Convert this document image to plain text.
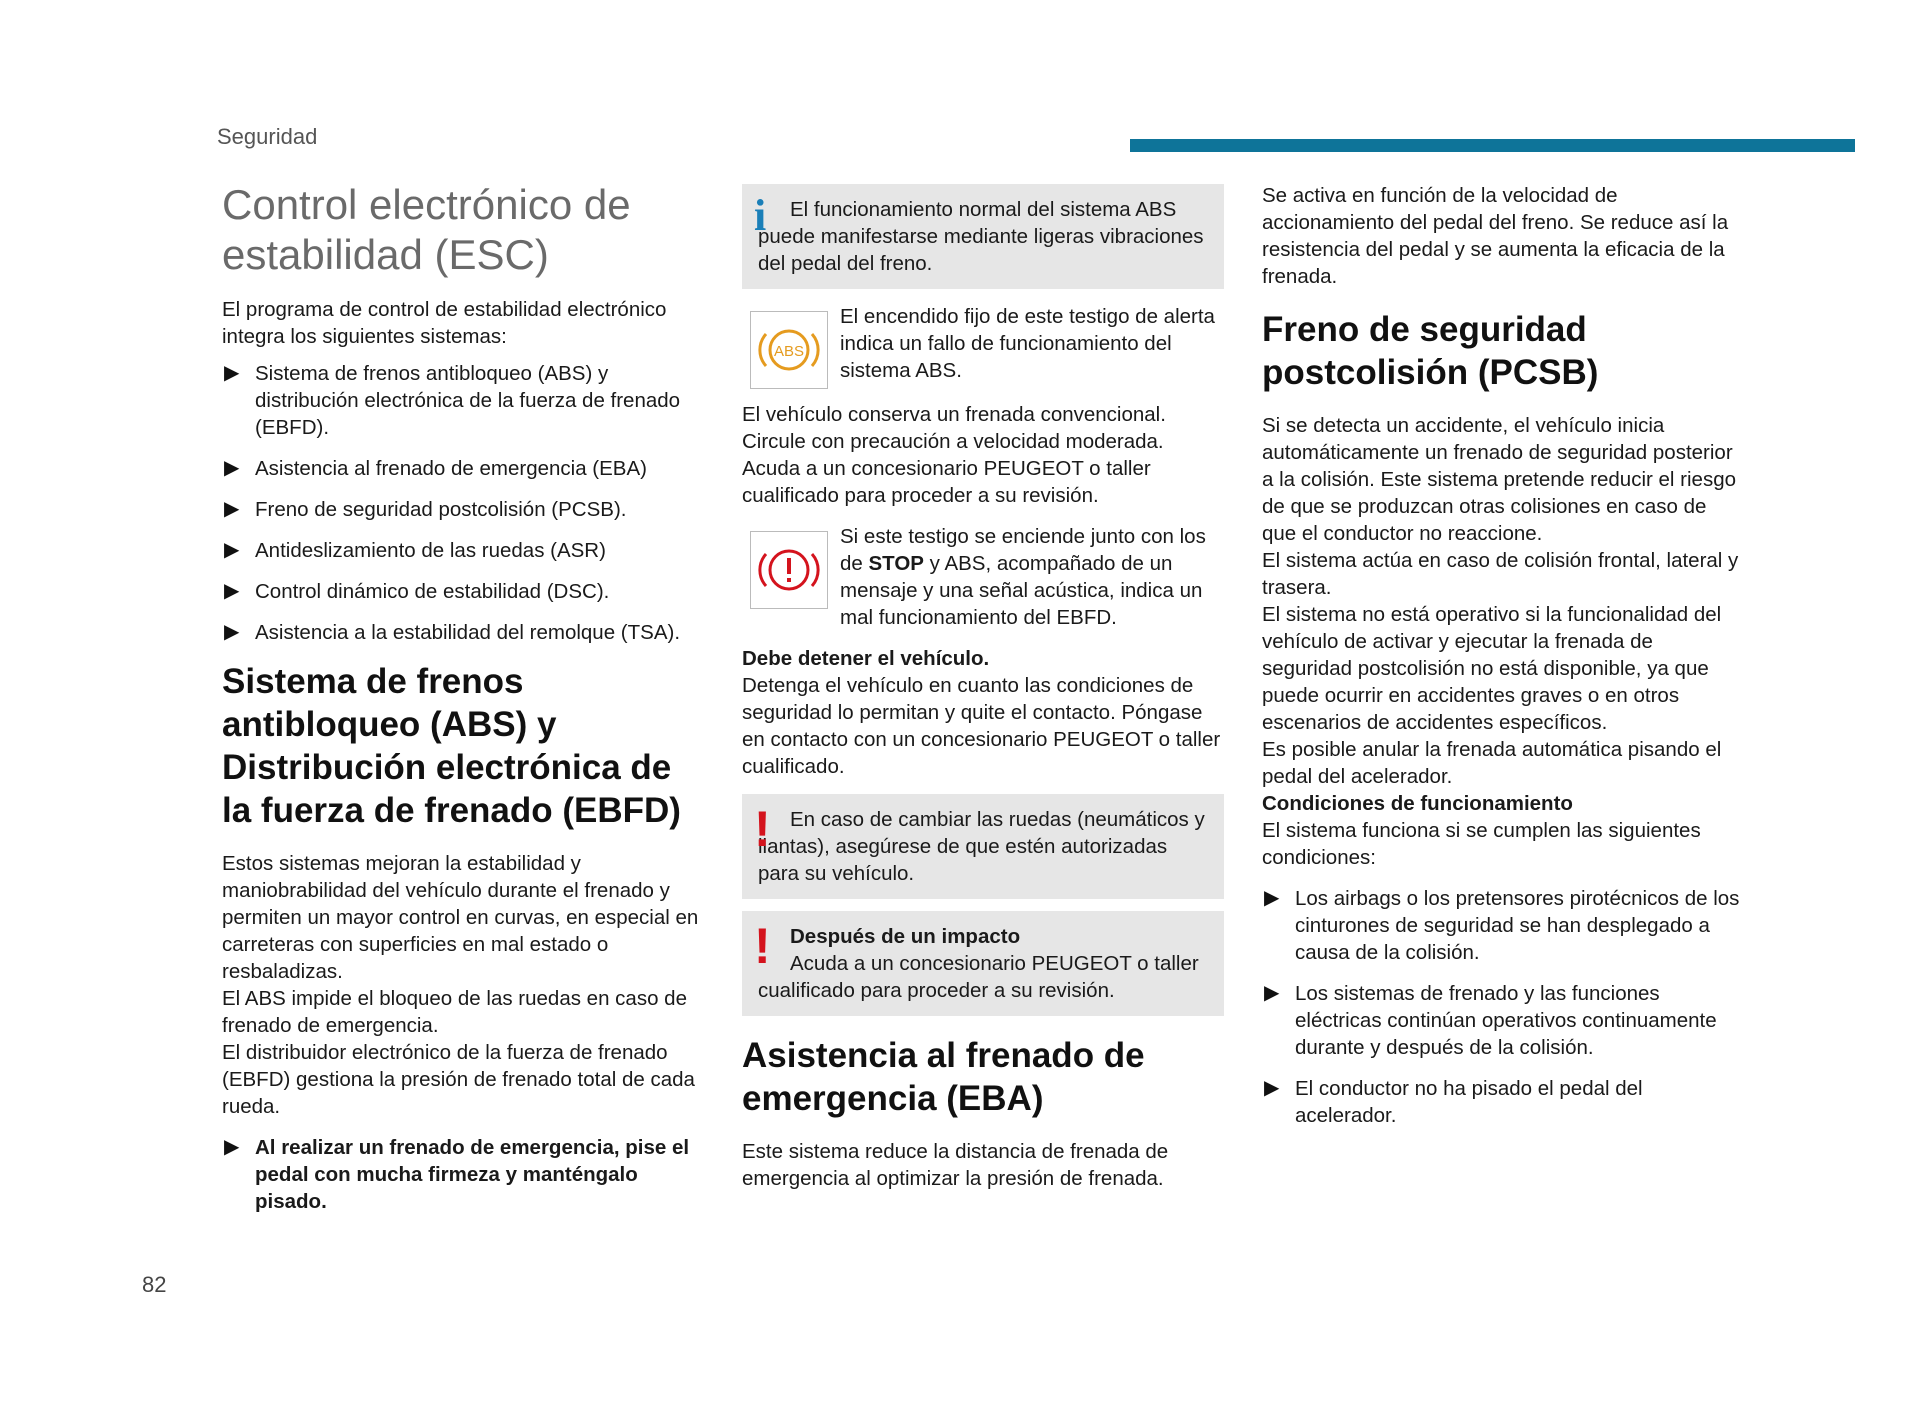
Seguridad
Control electrónico de estabilidad (ESC)

El programa de control de estabilidad electrónico integra los siguientes sistemas:

▶ Sistema de frenos antibloqueo (ABS) y distribución electrónica de la fuerza de frenado (EBFD).
▶ Asistencia al frenado de emergencia (EBA)
▶ Freno de seguridad postcolisión (PCSB).
▶ Antideslizamiento de las ruedas (ASR)
▶ Control dinámico de estabilidad (DSC).
▶ Asistencia a la estabilidad del remolque (TSA).
Sistema de frenos antibloqueo (ABS) y Distribución electrónica de la fuerza de frenado (EBFD)

Estos sistemas mejoran la estabilidad y maniobrabilidad del vehículo durante el frenado y permiten un mayor control en curvas, en especial en carreteras con superficies en mal estado o resbaladizas.

El ABS impide el bloqueo de las ruedas en caso de frenado de emergencia.

El distribuidor electrónico de la fuerza de frenado (EBFD) gestiona la presión de frenado total de cada rueda.

▶ Al realizar un frenado de emergencia, pise el pedal con mucha firmeza y manténgalo pisado.
i	El funcionamiento normal del sistema ABS puede manifestarse mediante ligeras vibraciones del pedal del freno.
ABS

El encendido fijo de este testigo de alerta indica un fallo de funcionamiento del sistema ABS.

El vehículo conserva un frenada convencional. Circule con precaución a velocidad moderada. Acuda a un concesionario PEUGEOT o taller cualificado para proceder a su revisión.

Si este testigo se enciende junto con los de STOP y ABS, acompañado de un mensaje y una señal acústica, indica un mal funcionamiento del EBFD.

Debe detener el vehículo.

Detenga el vehículo en cuanto las condiciones de seguridad lo permitan y quite el contacto. Póngase en contacto con un concesionario PEUGEOT o taller cualificado.

! En caso de cambiar las ruedas (neumáticos y llantas), asegúrese de que estén autorizadas para su vehículo.
! Después de un impacto
Acuda a un concesionario PEUGEOT o taller cualificado para proceder a su revisión.
Asistencia al frenado de emergencia (EBA)

Este sistema reduce la distancia de frenada de emergencia al optimizar la presión de frenada.

Se activa en función de la velocidad de accionamiento del pedal del freno. Se reduce así la resistencia del pedal y se aumenta la eficacia de la frenada.

Freno de seguridad postcolisión (PCSB)

Si se detecta un accidente, el vehículo inicia automáticamente un frenado de seguridad posterior a la colisión. Este sistema pretende reducir el riesgo de que se produzcan otras colisiones en caso de que el conductor no reaccione.

El sistema actúa en caso de colisión frontal, lateral y trasera.

El sistema no está operativo si la funcionalidad del vehículo de activar y ejecutar la frenada de seguridad postcolisión no está disponible, ya que puede ocurrir en accidentes graves o en otros escenarios de accidentes específicos.

Es posible anular la frenada automática pisando el pedal del acelerador.

Condiciones de funcionamiento

El sistema funciona si se cumplen las siguientes condiciones:

▶ Los airbags o los pretensores pirotécnicos de los cinturones de seguridad se han desplegado a causa de la colisión.
▶ Los sistemas de frenado y las funciones eléctricas continúan operativos continuamente durante y después de la colisión.
▶ El conductor no ha pisado el pedal del acelerador.
82
